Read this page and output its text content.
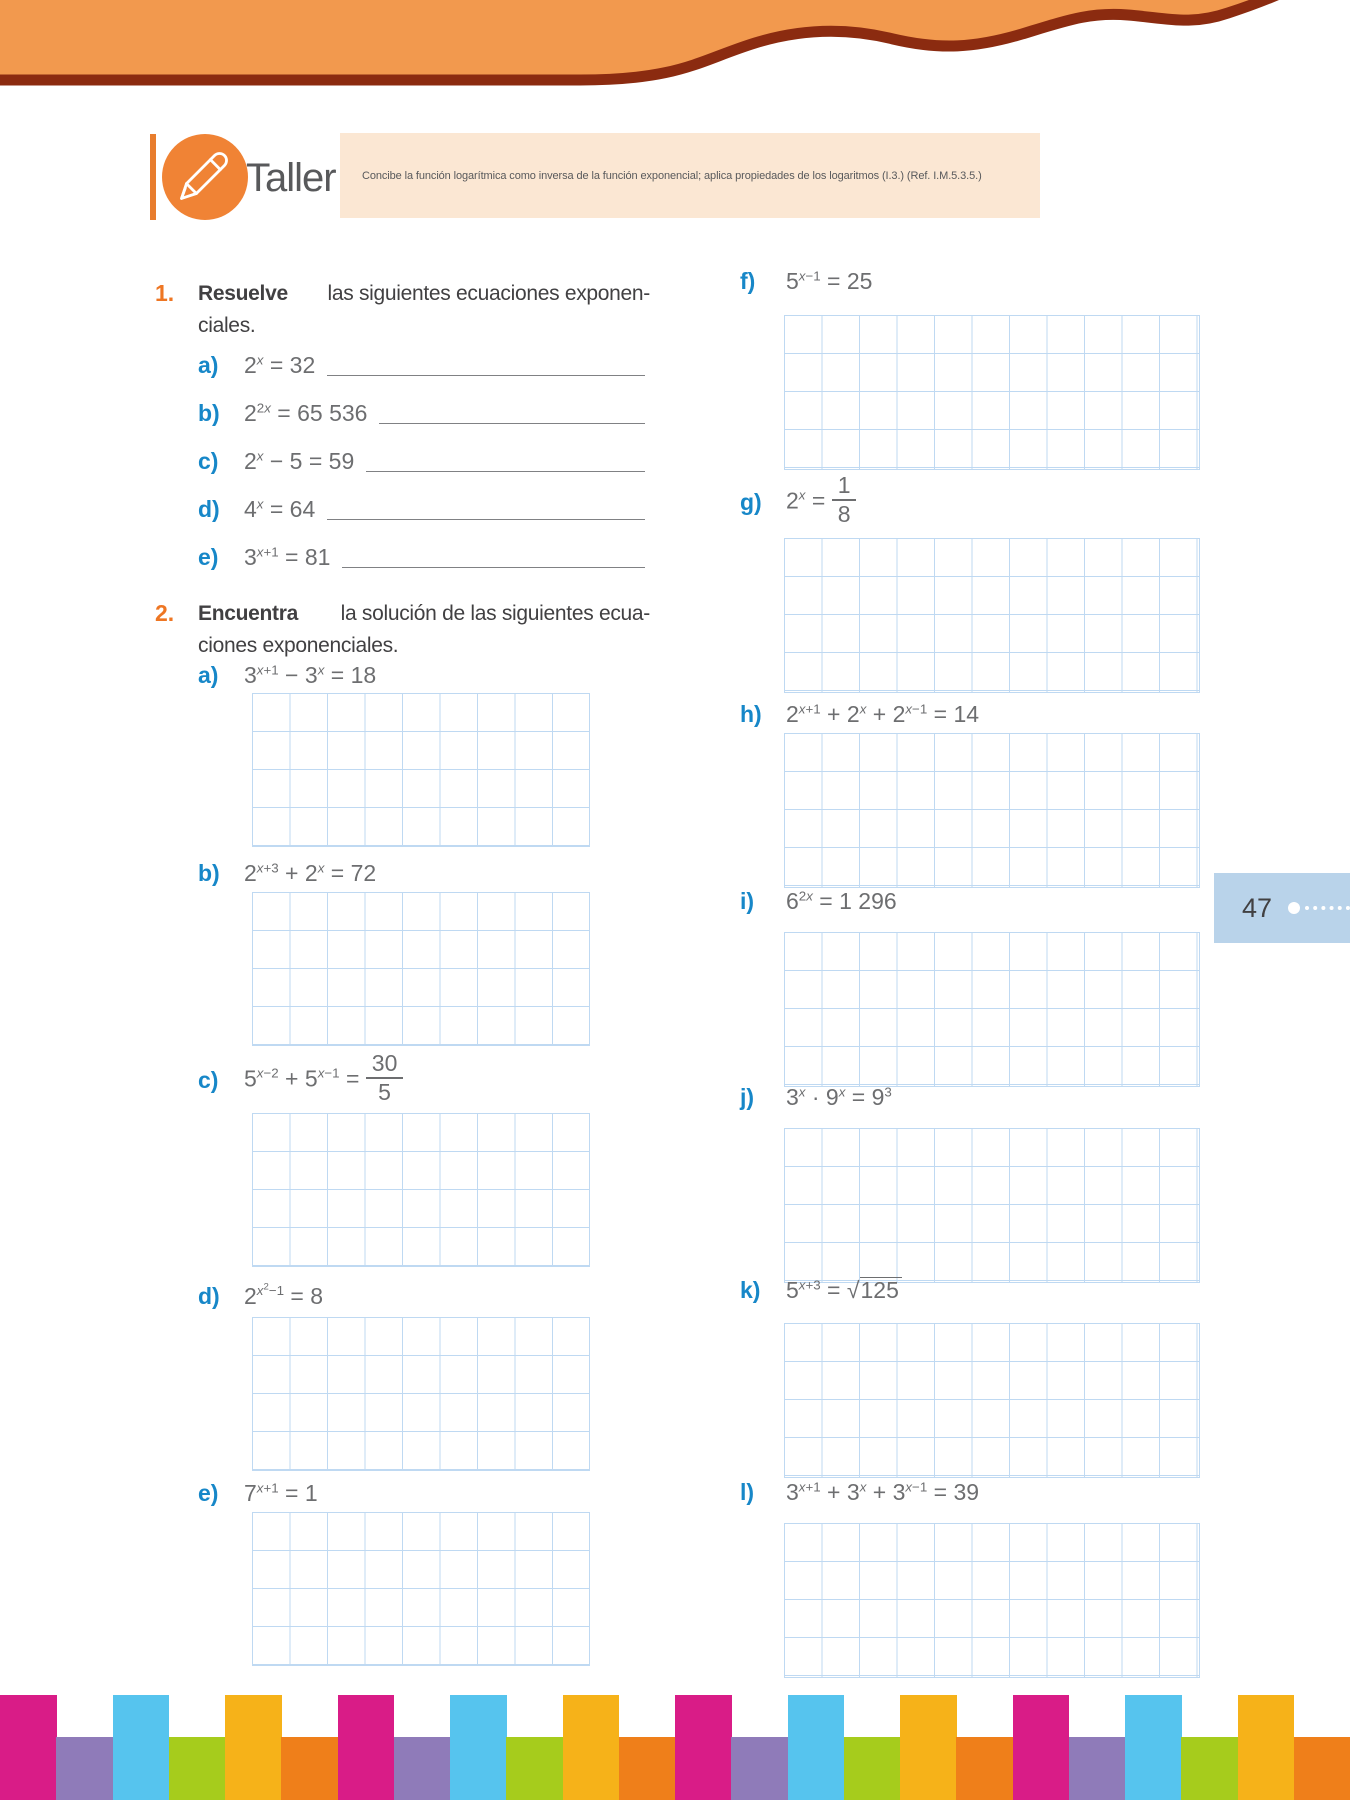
Taller	Concibe la función logarítmica como inversa de la función exponencial; aplica propiedades de los logaritmos (I.3.) (Ref. I.M.5.3.5.)
1. Resuelve las siguientes ecuaciones exponen-
ciales.
a)	$2^x = 32$
b)	$2^{2x} = 65$ 536
c)	$2^x - 5 = 59$
d)	$4^x = 64$
e)	$3^{x+1} = 81$
2. Encuentra la solución de las siguientes ecua-
ciones exponenciales.
a)	$3^{x+1} - 3^x = 18$
b)	$2^{x+3} + 2^x = 72$
c)	$5^{x-2} + 5^{x-1} = \frac{30}{5}$
d)	$2^{x^2-1} = 8$
e)	$7^{x+1} = 1$
f)	$5^{x-1} = 25$
g)	$2^x = \frac{1}{8}$
h)	$2^{x+1} + 2^x + 2^{x-1} = 14$
i)	$6^{2x} = 1$ 296
j)	$3^x \cdot 9^x = 9^3$
k)	$5^{x+3} = √125$
l)	$3^{x+1} + 3^x + 3^{x-1} = 39$
47
